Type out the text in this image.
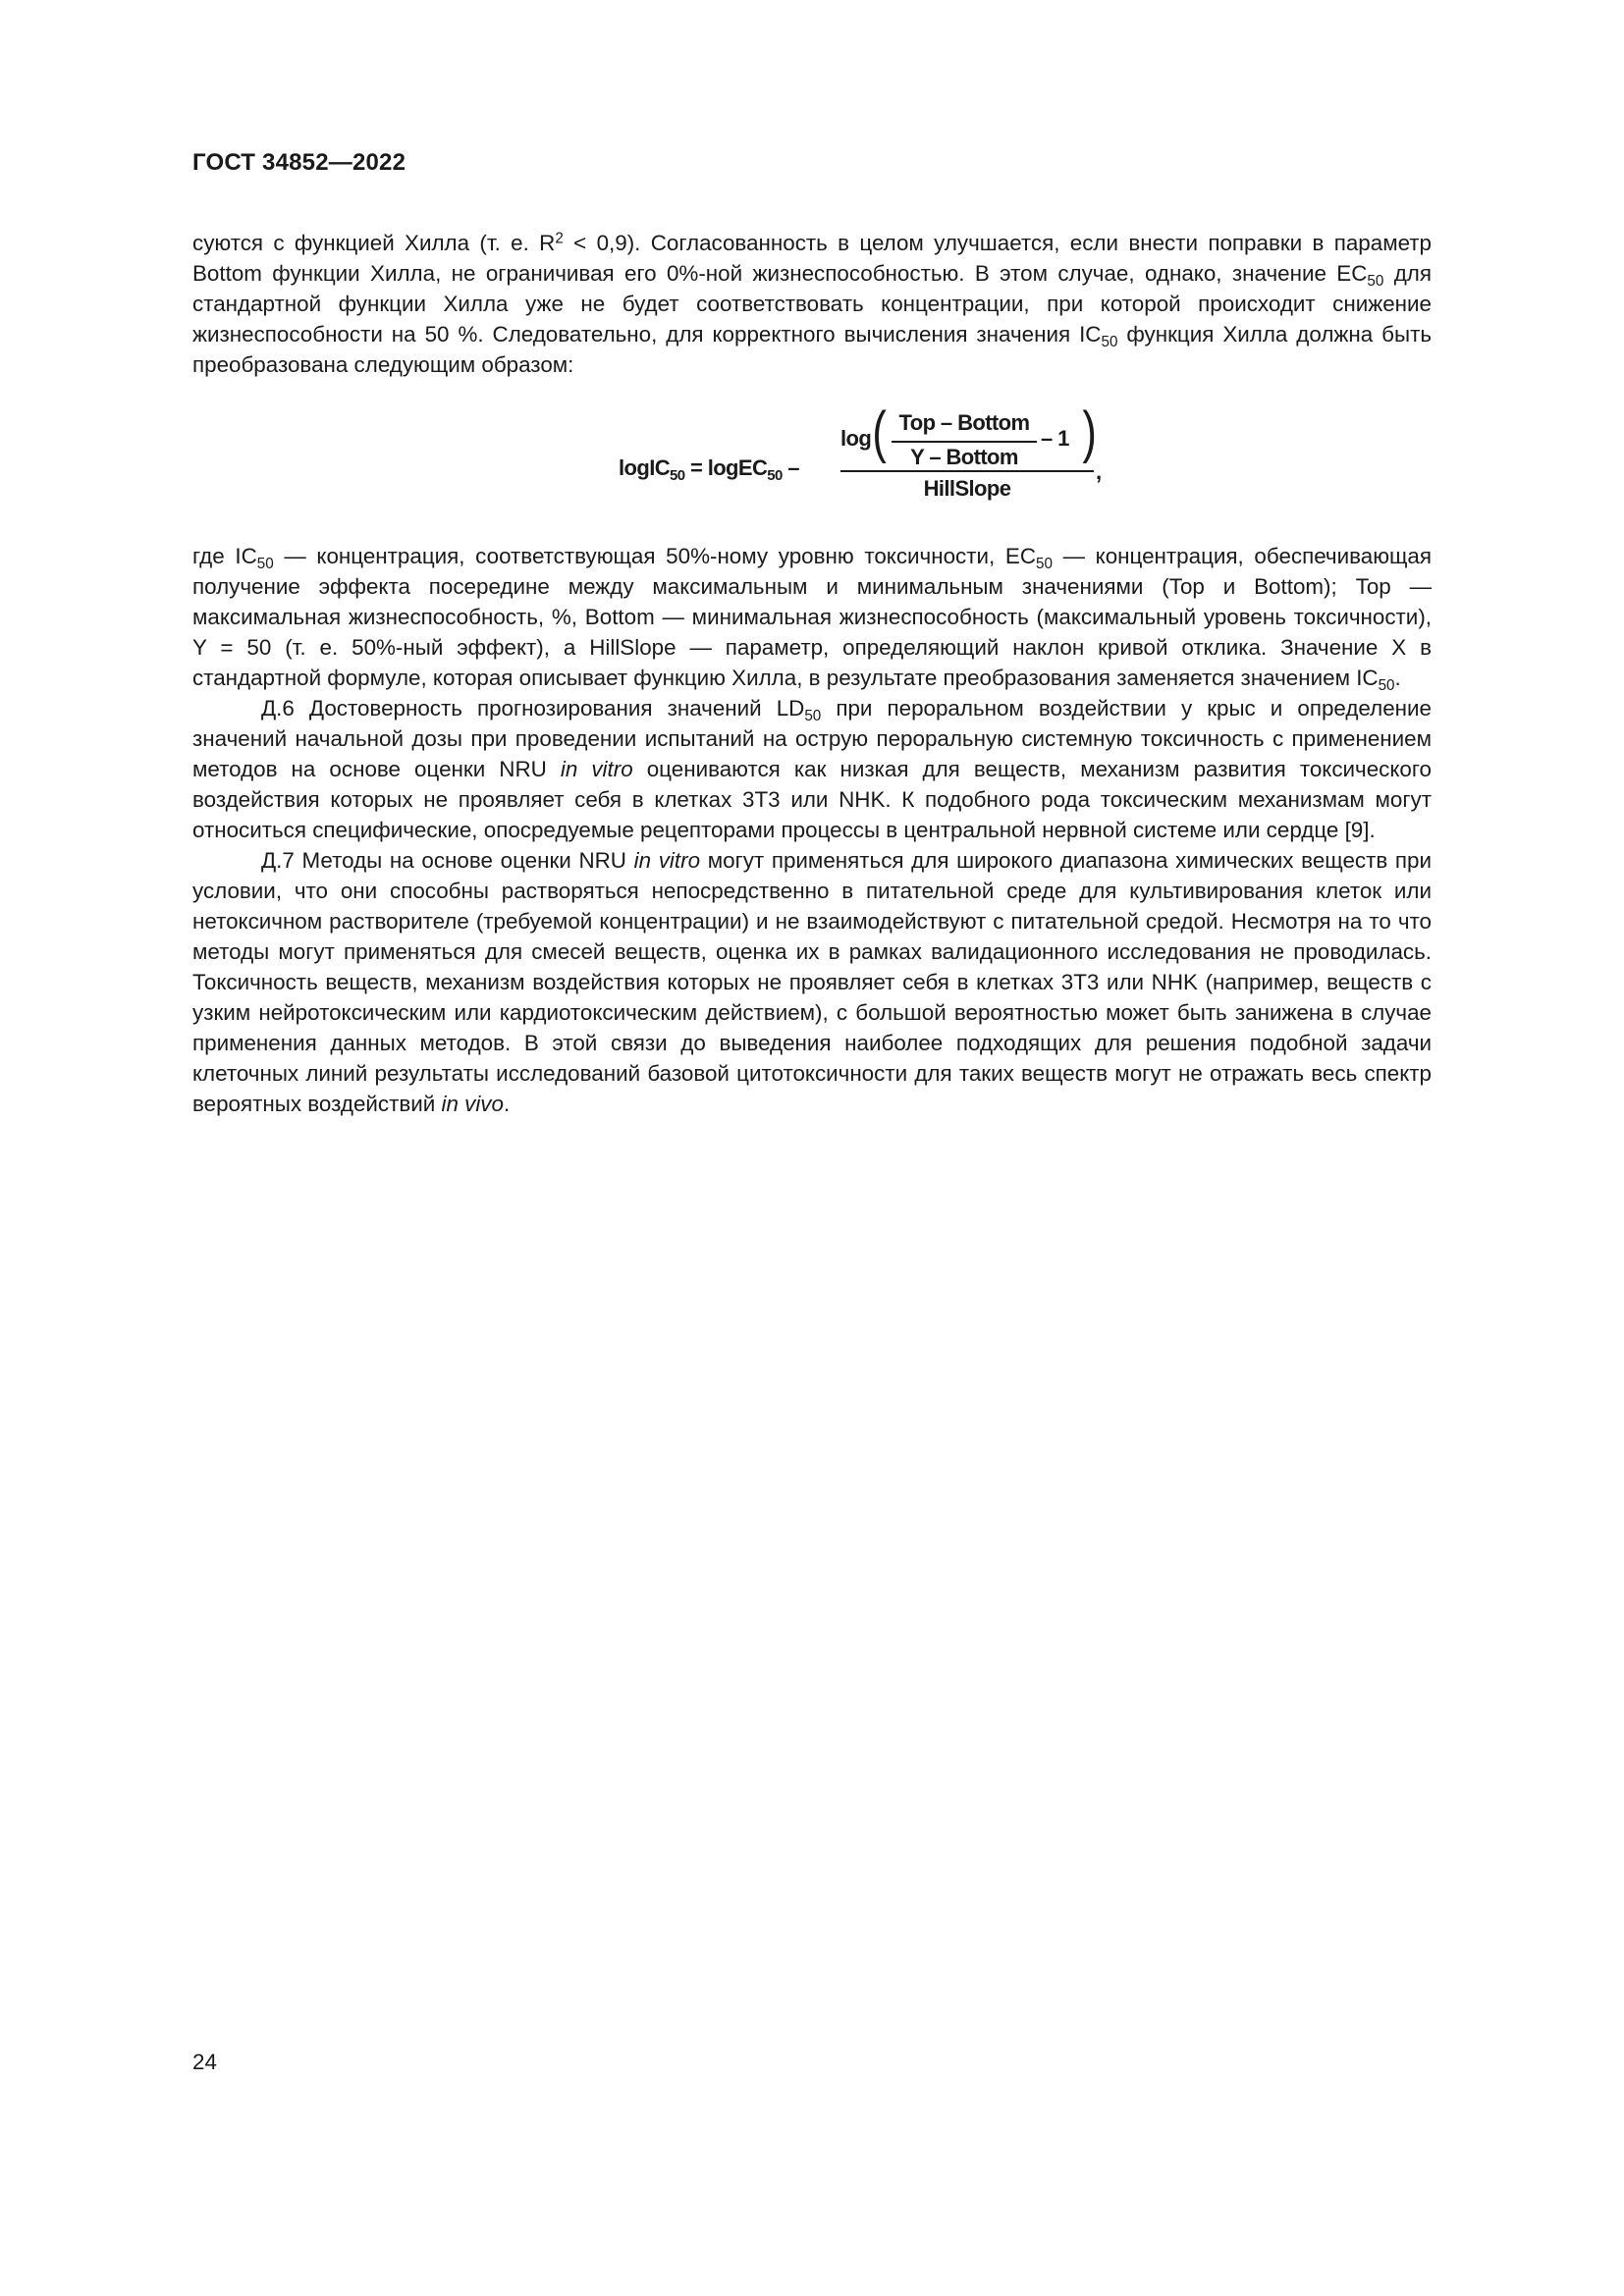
ГОСТ 34852—2022

суются с функцией Хилла (т. е. $R^2 < 0,9$). Согласованность в целом улучшается, если внести поправки в параметр Bottom функции Хилла, не ограничивая его 0%-ной жизнеспособностью. В этом случае, однако, значение $EC_{50}$ для стандартной функции Хилла уже не будет соответствовать концентрации, при которой происходит снижение жизнеспособности на 50 %. Следовательно, для корректного вычисления значения $IC_{50}$ функция Хилла должна быть преобразована следующим образом:

logIC$_{50}$ = logEC$_{50}$ –
log ( Top – Bottom
Y – Bottom
– 1 )
HillSlope
,

где $IC_{50}$ — концентрация, соответствующая 50%-ному уровню токсичности, $EC_{50}$ — концентрация, обеспечивающая получение эффекта посередине между максимальным и минимальным значениями (Top и Bottom); Top — максимальная жизнеспособность, %, Bottom — минимальная жизнеспособность (максимальный уровень токсичности), Y = 50 (т. е. 50%-ный эффект), а HillSlope — параметр, определяющий наклон кривой отклика. Значение X в стандартной формуле, которая описывает функцию Хилла, в результате преобразования заменяется значением $IC_{50}$.

Д.6 Достоверность прогнозирования значений $LD_{50}$ при пероральном воздействии у крыс и определение значений начальной дозы при проведении испытаний на острую пероральную системную токсичность с применением методов на основе оценки NRU in vitro оцениваются как низкая для веществ, механизм развития токсического воздействия которых не проявляет себя в клетках 3Т3 или NHK. К подобного рода токсическим механизмам могут относиться специфические, опосредуемые рецепторами процессы в центральной нервной системе или сердце [9].

Д.7 Методы на основе оценки NRU in vitro могут применяться для широкого диапазона химических веществ при условии, что они способны растворяться непосредственно в питательной среде для культивирования клеток или нетоксичном растворителе (требуемой концентрации) и не взаимодействуют с питательной средой. Несмотря на то что методы могут применяться для смесей веществ, оценка их в рамках валидационного исследования не проводилась. Токсичность веществ, механизм воздействия которых не проявляет себя в клетках 3Т3 или NHK (например, веществ с узким нейротоксическим или кардиотоксическим действием), с большой вероятностью может быть занижена в случае применения данных методов. В этой связи до выведения наиболее подходящих для решения подобной задачи клеточных линий результаты исследований базовой цитотоксичности для таких веществ могут не отражать весь спектр вероятных воздействий in vivo.

24
